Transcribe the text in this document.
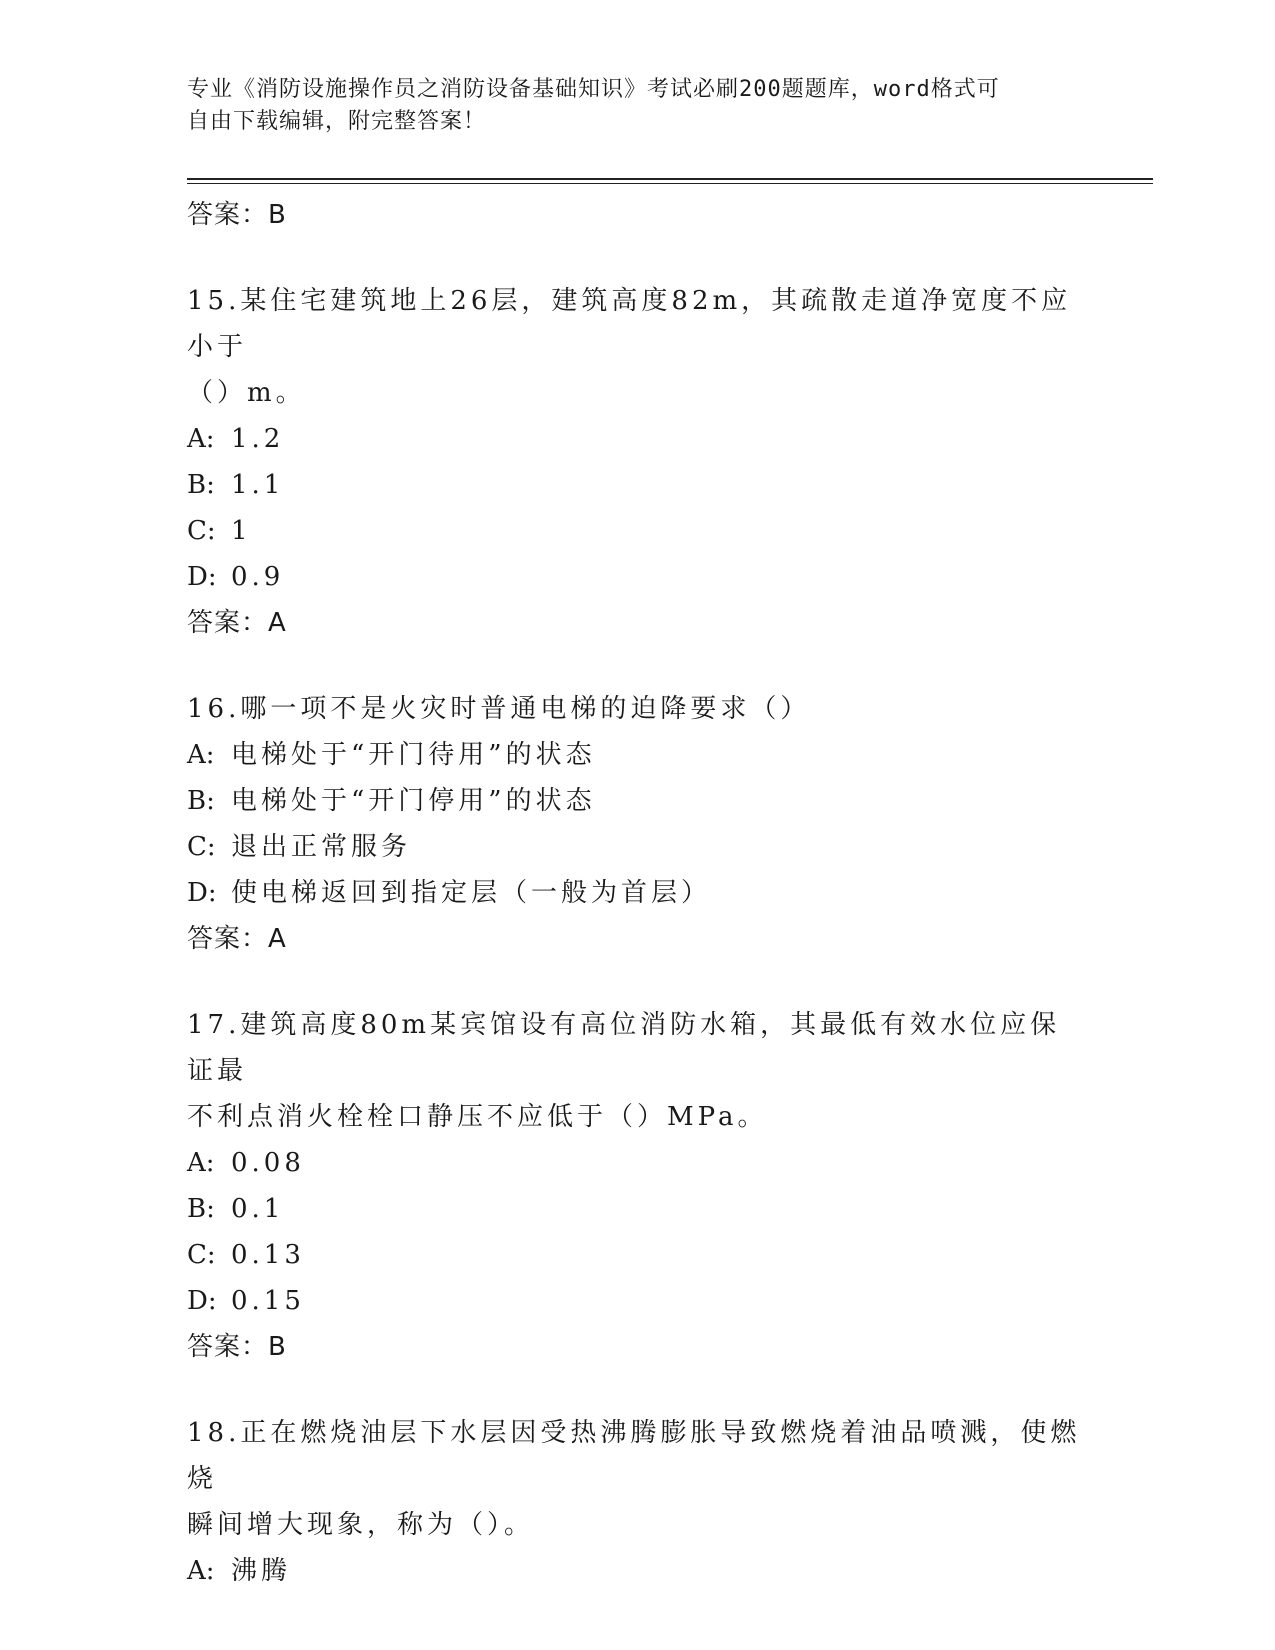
专业《消防设施操作员之消防设备基础知识》考试必刷200题题库，word格式可
自由下载编辑，附完整答案！

答案：B

15.某住宅建筑地上26层，建筑高度82m，其疏散走道净宽度不应小于

（）m。

A: 1.2

B: 1.1

C: 1

D: 0.9

答案：A

16.哪一项不是火灾时普通电梯的迫降要求（）

A: 电梯处于“开门待用”的状态

B: 电梯处于“开门停用”的状态

C: 退出正常服务

D: 使电梯返回到指定层（一般为首层）

答案：A

17.建筑高度80m某宾馆设有高位消防水箱，其最低有效水位应保证最

不利点消火栓栓口静压不应低于（）MPa。

A: 0.08

B: 0.1

C: 0.13

D: 0.15

答案：B

18.正在燃烧油层下水层因受热沸腾膨胀导致燃烧着油品喷溅，使燃烧

瞬间增大现象，称为（）。

A: 沸腾
